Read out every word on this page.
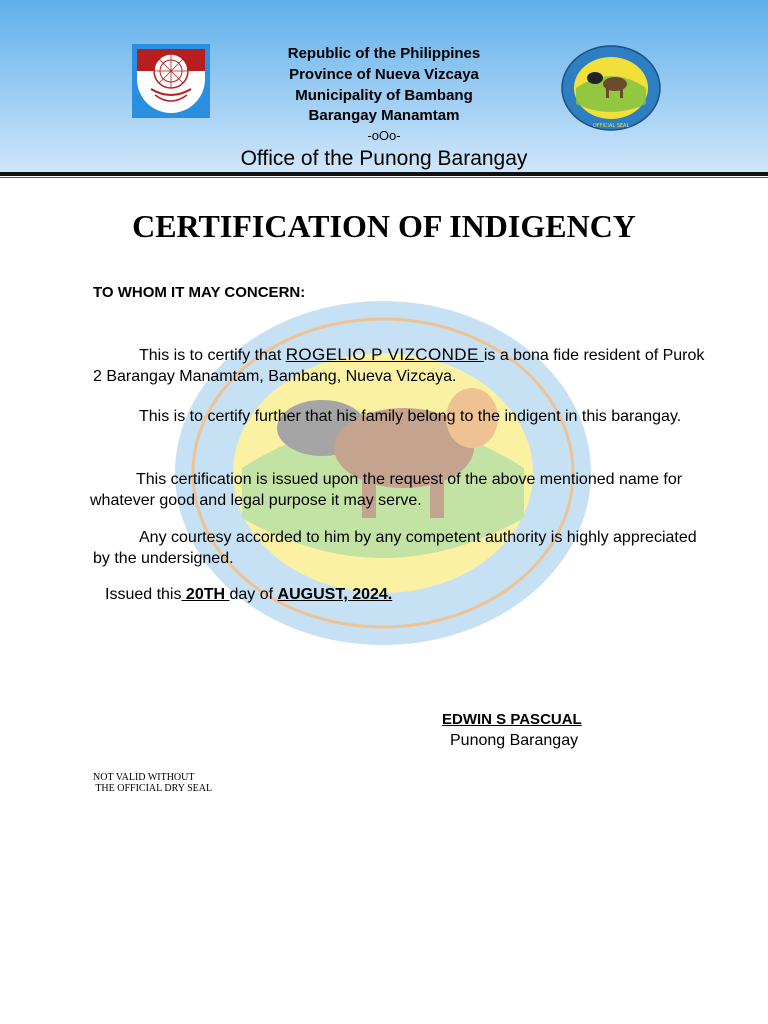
Republic of the Philippines
Province of Nueva Vizcaya
Municipality of Bambang
Barangay Manamtam
-oOo-
Office of the Punong Barangay
OFFICIAL SEAL
CERTIFICATION OF INDIGENCY
TO WHOM IT MAY CONCERN:
This is to certify that ROGELIO P VIZCONDE is a bona fide resident of Purok 2 Barangay Manamtam, Bambang, Nueva Vizcaya.
This is to certify further that his family belong to the indigent in this barangay.
This certification is issued upon the request of the above mentioned name for whatever good and legal purpose it may serve.
Any courtesy accorded to him by any competent authority is highly appreciated by the undersigned.
Issued this 20TH day of AUGUST, 2024.
EDWIN S PASCUAL
Punong Barangay
NOT VALID WITHOUT
THE OFFICIAL DRY SEAL
